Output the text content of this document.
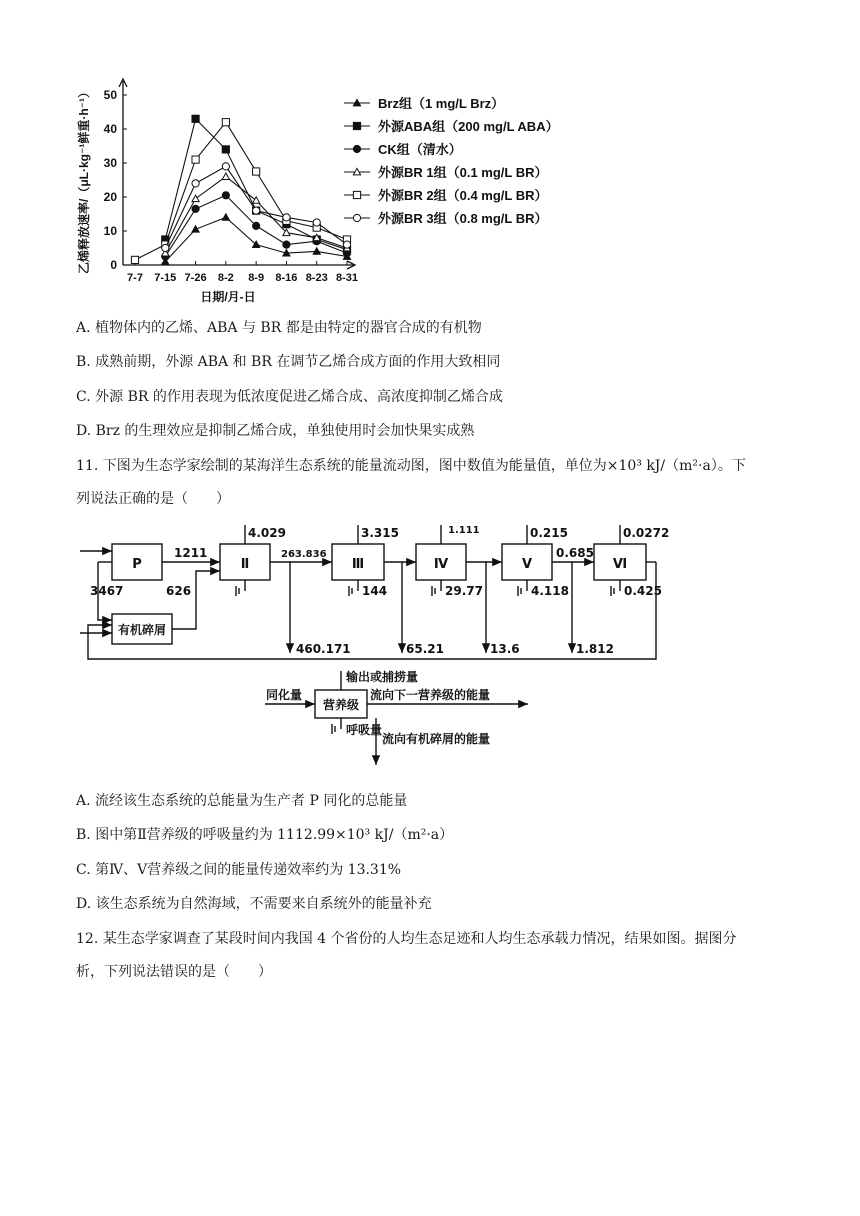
0
10
20
30
40
50
7-7 7-15 7-26 8-2 8-9 8-16 8-23 8-31
日期/月-日
乙烯释放速率/（μL·kg⁻¹鲜重·h⁻¹）	Brz组（1 mg/L Brz）
外源ABA组（200 mg/L ABA）
CK组（清水）
外源BR 1组（0.1 mg/L BR）
外源BR 2组（0.4 mg/L BR）
外源BR 3组（0.8 mg/L BR）
A. 植物体内的乙烯、ABA 与 BR 都是由特定的器官合成的有机物
B. 成熟前期，外源 ABA 和 BR 在调节乙烯合成方面的作用大致相同
C. 外源 BR 的作用表现为低浓度促进乙烯合成、高浓度抑制乙烯合成
D. Brz 的生理效应是抑制乙烯合成，单独使用时会加快果实成熟
11. 下图为生态学家绘制的某海洋生态系统的能量流动图，图中数值为能量值，单位为×10³ kJ/（m²·a）。下
列说法正确的是（　　）
P	Ⅱ	Ⅲ	Ⅳ	Ⅴ	Ⅵ
有机碎屑
1211	263.836	0.685
4.029	3.315	1.111	0.215	0.0272
144	29.77	4.118	0.425
460.171	65.21	13.6	1.812
3467	626
营养级
同化量
输出或捕捞量
流向下一营养级的能量
呼吸量
流向有机碎屑的能量
A. 流经该生态系统的总能量为生产者 P 同化的总能量
B. 图中第Ⅱ营养级的呼吸量约为 1112.99×10³ kJ/（m²·a）
C. 第Ⅳ、Ⅴ营养级之间的能量传递效率约为 13.31%
D. 该生态系统为自然海域，不需要来自系统外的能量补充
12. 某生态学家调查了某段时间内我国 4 个省份的人均生态足迹和人均生态承载力情况，结果如图。据图分
析，下列说法错误的是（　　）
